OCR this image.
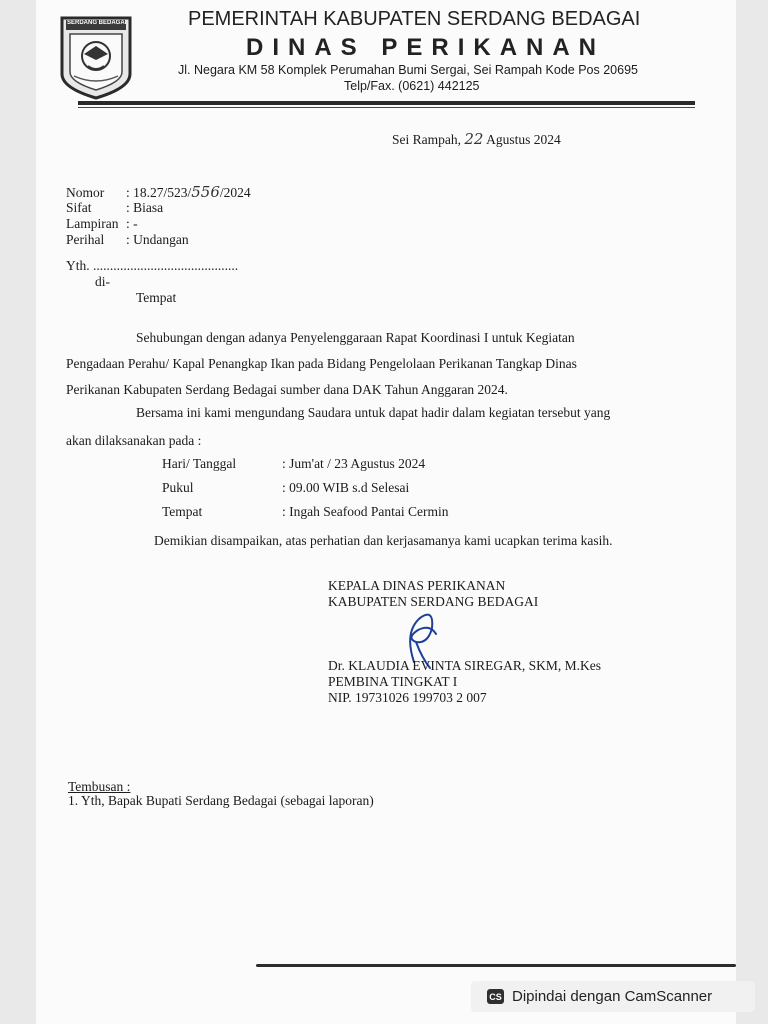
SERDANG BEDAGAI	PEMERINTAH KABUPATEN SERDANG BEDAGAI
DINAS PERIKANAN
Jl. Negara KM 58 Komplek Perumahan Bumi Sergai, Sei Rampah Kode Pos 20695
Telp/Fax. (0621) 442125
Sei Rampah, 22 Agustus 2024
Nomor : 18.27/523/556/2024
Sifat	: Biasa
Lampiran : -
Perihal : Undangan
Yth. ...........................................
di-
Tempat
Sehubungan dengan adanya Penyelenggaraan Rapat Koordinasi I untuk Kegiatan
Pengadaan Perahu/ Kapal Penangkap Ikan pada Bidang Pengelolaan Perikanan Tangkap Dinas
Perikanan Kabupaten Serdang Bedagai sumber dana DAK Tahun Anggaran 2024.
Bersama ini kami mengundang Saudara untuk dapat hadir dalam kegiatan tersebut yang
akan dilaksanakan pada :
Hari/ Tanggal	: Jum'at / 23 Agustus 2024
Pukul	: 09.00 WIB s.d Selesai
Tempat	: Ingah Seafood Pantai Cermin
Demikian disampaikan, atas perhatian dan kerjasamanya kami ucapkan terima kasih.
KEPALA DINAS PERIKANAN
KABUPATEN SERDANG BEDAGAI
Dr. KLAUDIA EVINTA SIREGAR, SKM, M.Kes
PEMBINA TINGKAT I
NIP. 19731026 199703 2 007
Tembusan :
1. Yth, Bapak Bupati Serdang Bedagai (sebagai laporan)
CS Dipindai dengan CamScanner
